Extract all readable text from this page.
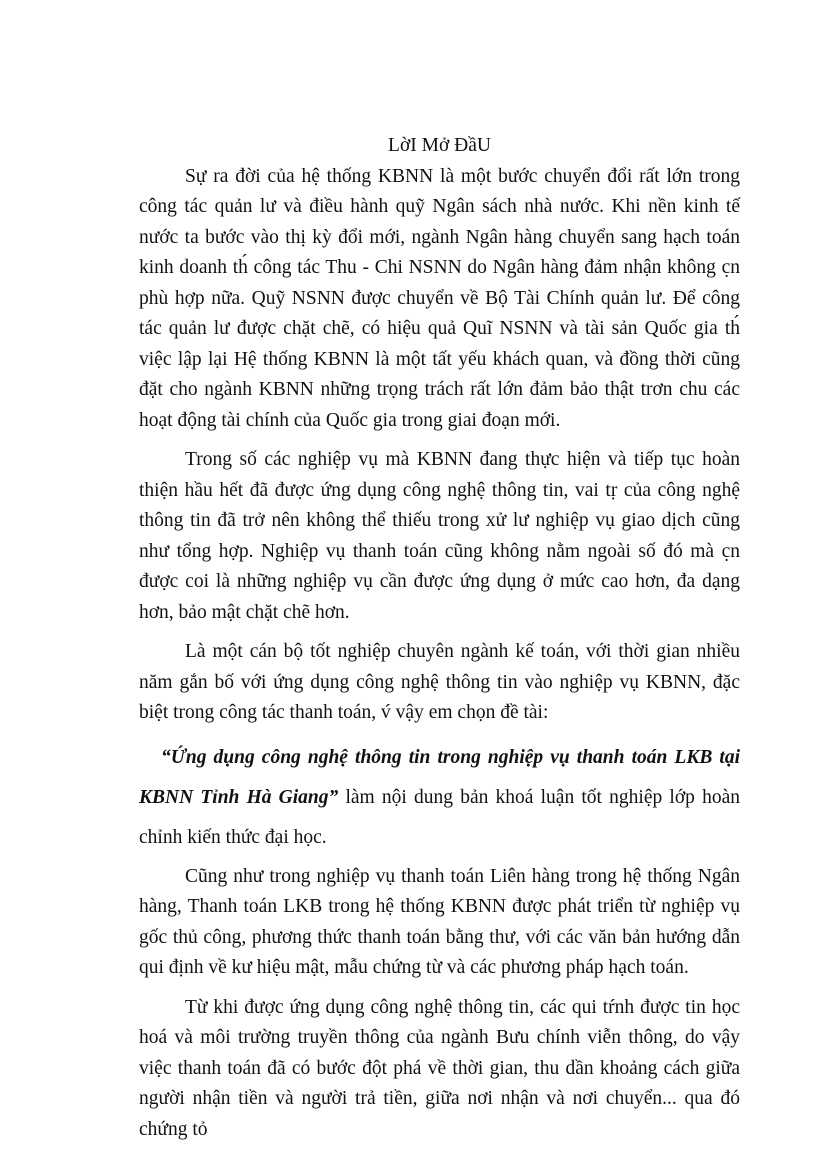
LờI Mở ĐầU

Sự ra đời của hệ thống KBNN là một bước chuyển đổi rất lớn trong công tác quản lư và điều hành quỹ Ngân sách nhà nước. Khi nền kinh tế nước ta bước vào thị kỳ đổi mới, ngành Ngân hàng chuyển sang hạch toán kinh doanh th́ công tác Thu - Chi NSNN do Ngân hàng đảm nhận không c̣n phù hợp nữa. Quỹ NSNN được chuyển về Bộ Tài Chính quản lư. Để công tác quản lư được chặt chẽ, có hiệu quả Quĩ NSNN và tài sản Quốc gia th́ việc lập lại Hệ thống KBNN là một tất yếu khách quan, và đồng thời cũng đặt cho ngành KBNN những trọng trách rất lớn đảm bảo thật trơn chu các hoạt động tài chính của Quốc gia trong giai đoạn mới.

Trong số các nghiệp vụ mà KBNN đang thực hiện và tiếp tục hoàn thiện hầu hết đã được ứng dụng công nghệ thông tin, vai tṛ của công nghệ thông tin đã trở nên không thể thiếu trong xử lư nghiệp vụ giao dịch cũng như tổng hợp. Nghiệp vụ thanh toán cũng không nằm ngoài số đó mà c̣n được coi là những nghiệp vụ cần được ứng dụng ở mức cao hơn, đa dạng hơn, bảo mật chặt chẽ hơn.

Là một cán bộ tốt nghiệp chuyên ngành kế toán, với thời gian nhiều năm gắn bố với ứng dụng công nghệ thông tin vào nghiệp vụ KBNN, đặc biệt trong công tác thanh toán, v́ vậy em chọn đề tài:

“Ứng dụng công nghệ thông tin trong nghiệp vụ thanh toán LKB tại KBNN Tỉnh Hà Giang” làm nội dung bản khoá luận tốt nghiệp lớp hoàn chỉnh kiến thức đại học.

Cũng như trong nghiệp vụ thanh toán Liên hàng trong hệ thống Ngân hàng, Thanh toán LKB trong hệ thống KBNN được phát triển từ nghiệp vụ gốc thủ công, phương thức thanh toán bằng thư, với các văn bản hướng dẫn qui định về kư hiệu mật, mẫu chứng từ và các phương pháp hạch toán.

Từ khi được ứng dụng công nghệ thông tin, các qui tŕnh được tin học hoá và môi trường truyền thông của ngành Bưu chính viễn thông, do vậy việc thanh toán đã có bước đột phá về thời gian, thu dần khoảng cách giữa người nhận tiền và người trả tiền, giữa nơi nhận và nơi chuyển... qua đó chứng tỏ
